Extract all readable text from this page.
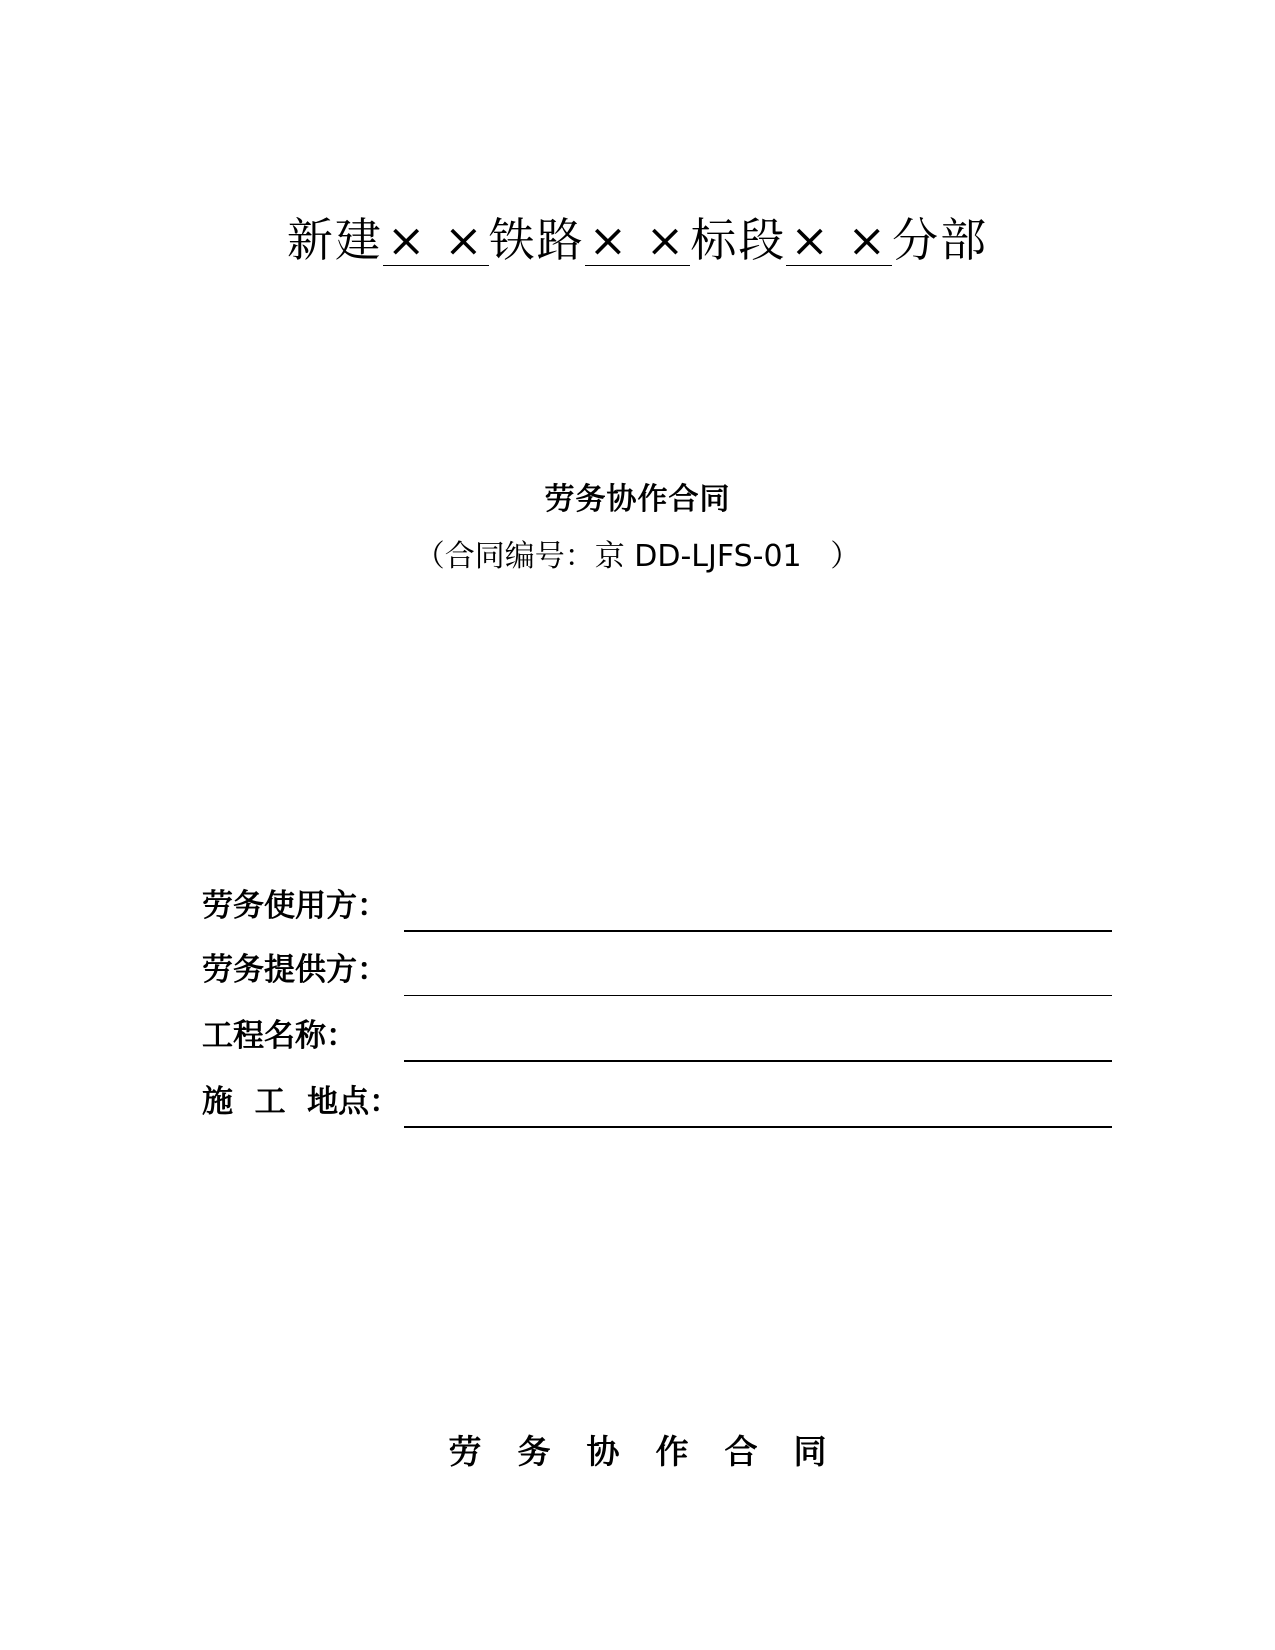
新建× ×铁路× ×标段× ×分部
劳务协作合同
（合同编号：京 DD-LJFS-01   ）
劳务使用方：
劳务提供方：
工程名称：
施  工  地点：
劳务协作合同
